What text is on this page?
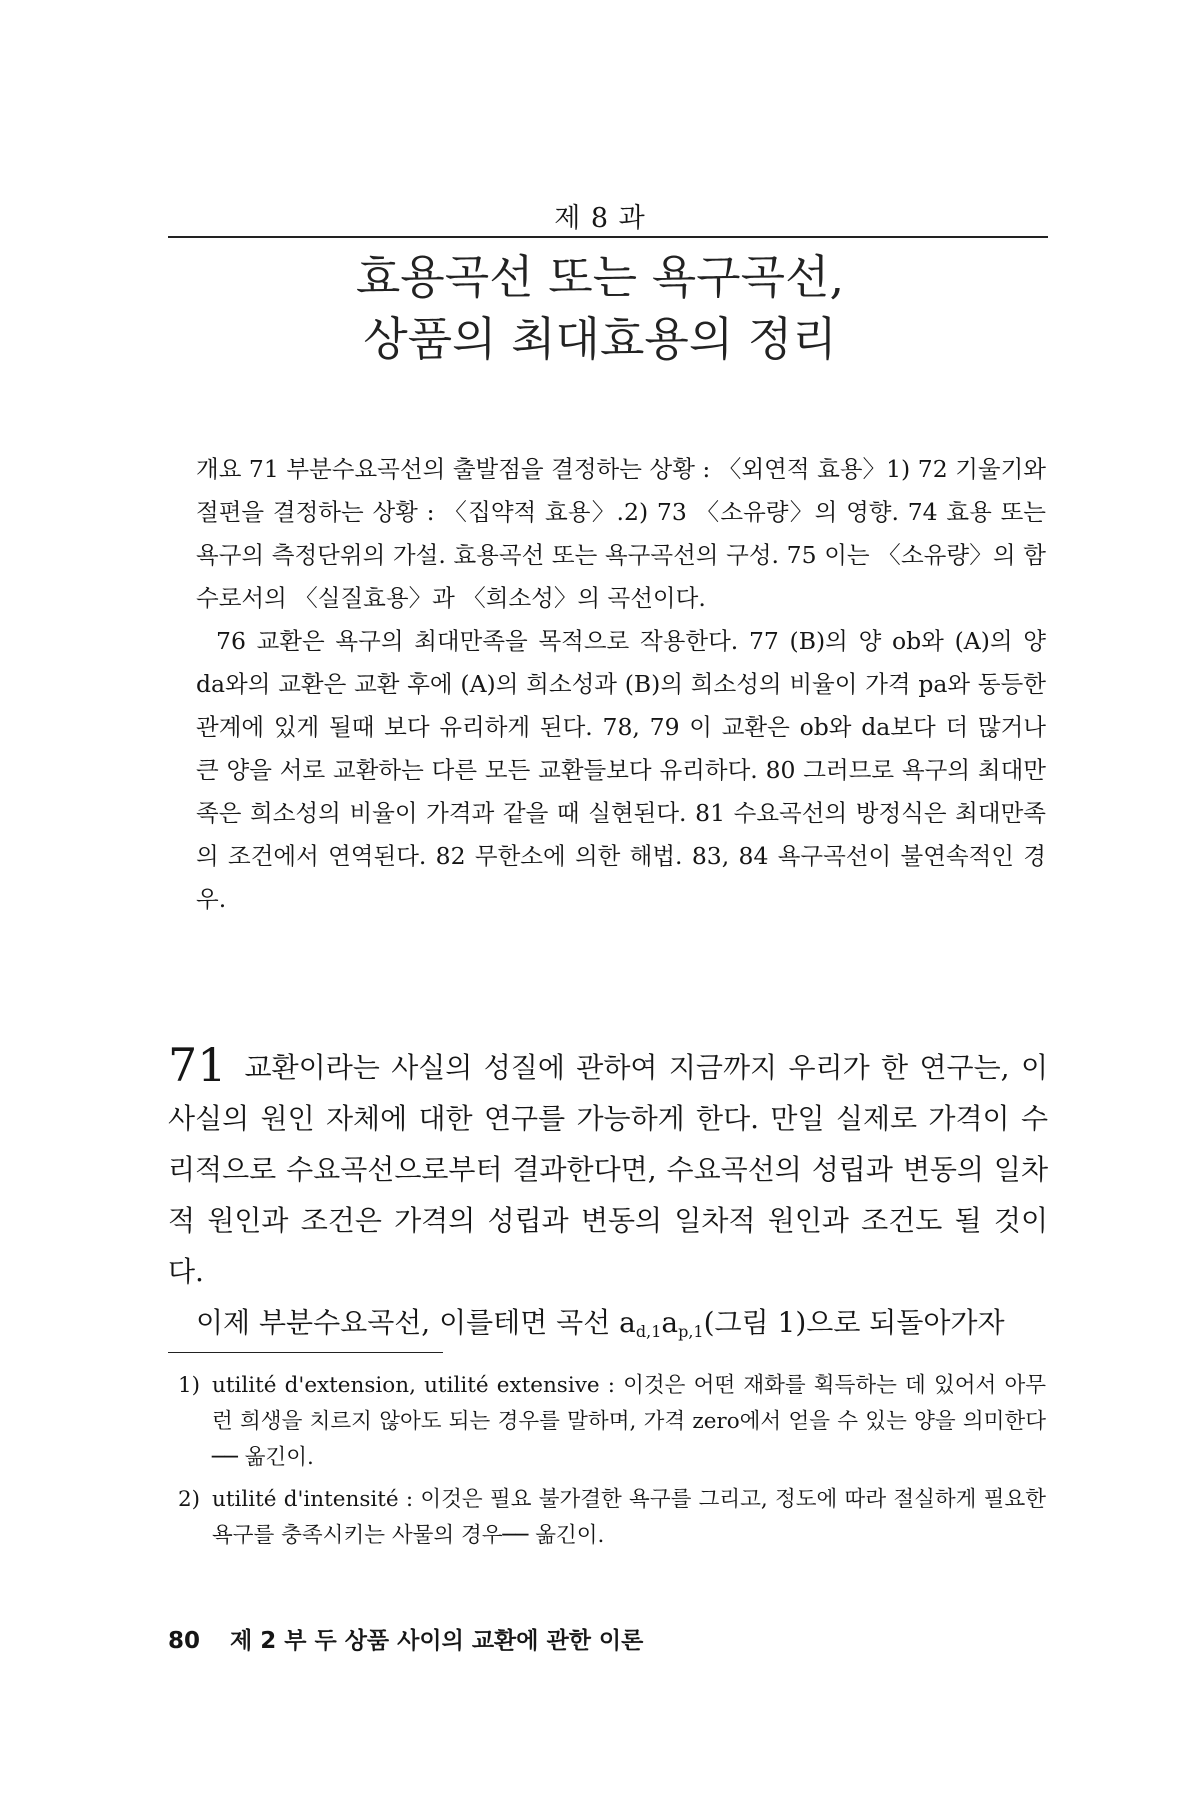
제 8 과
효용곡선 또는 욕구곡선,
상품의 최대효용의 정리

개요 71 부분수요곡선의 출발점을 결정하는 상황 : 〈외연적 효용〉1) 72 기울기와 절편을 결정하는 상황 : 〈집약적 효용〉.2) 73 〈소유량〉의 영향. 74 효용 또는 욕구의 측정단위의 가설. 효용곡선 또는 욕구곡선의 구성. 75 이는 〈소유량〉의 함수로서의 〈실질효용〉과 〈희소성〉의 곡선이다.

76 교환은 욕구의 최대만족을 목적으로 작용한다. 77 (B)의 양 ob와 (A)의 양 da와의 교환은 교환 후에 (A)의 희소성과 (B)의 희소성의 비율이 가격 pa와 동등한 관계에 있게 될때 보다 유리하게 된다. 78, 79 이 교환은 ob와 da보다 더 많거나 큰 양을 서로 교환하는 다른 모든 교환들보다 유리하다. 80 그러므로 욕구의 최대만족은 희소성의 비율이 가격과 같을 때 실현된다. 81 수요곡선의 방정식은 최대만족의 조건에서 연역된다. 82 무한소에 의한 해법. 83, 84 욕구곡선이 불연속적인 경우.

71 교환이라는 사실의 성질에 관하여 지금까지 우리가 한 연구는, 이 사실의 원인 자체에 대한 연구를 가능하게 한다. 만일 실제로 가격이 수리적으로 수요곡선으로부터 결과한다면, 수요곡선의 성립과 변동의 일차적 원인과 조건은 가격의 성립과 변동의 일차적 원인과 조건도 될 것이다.

이제 부분수요곡선, 이를테면 곡선 $a_{d,1}a_{p,1}$(그림 1)으로 되돌아가자

1) utilité d'extension, utilité extensive : 이것은 어떤 재화를 획득하는 데 있어서 아무런 희생을 치르지 않아도 되는 경우를 말하며, 가격 zero에서 얻을 수 있는 양을 의미한다── 옮긴이.
2) utilité d'intensité : 이것은 필요 불가결한 욕구를 그리고, 정도에 따라 절실하게 필요한 욕구를 충족시키는 사물의 경우── 옮긴이.
80 제 2 부 두 상품 사이의 교환에 관한 이론
